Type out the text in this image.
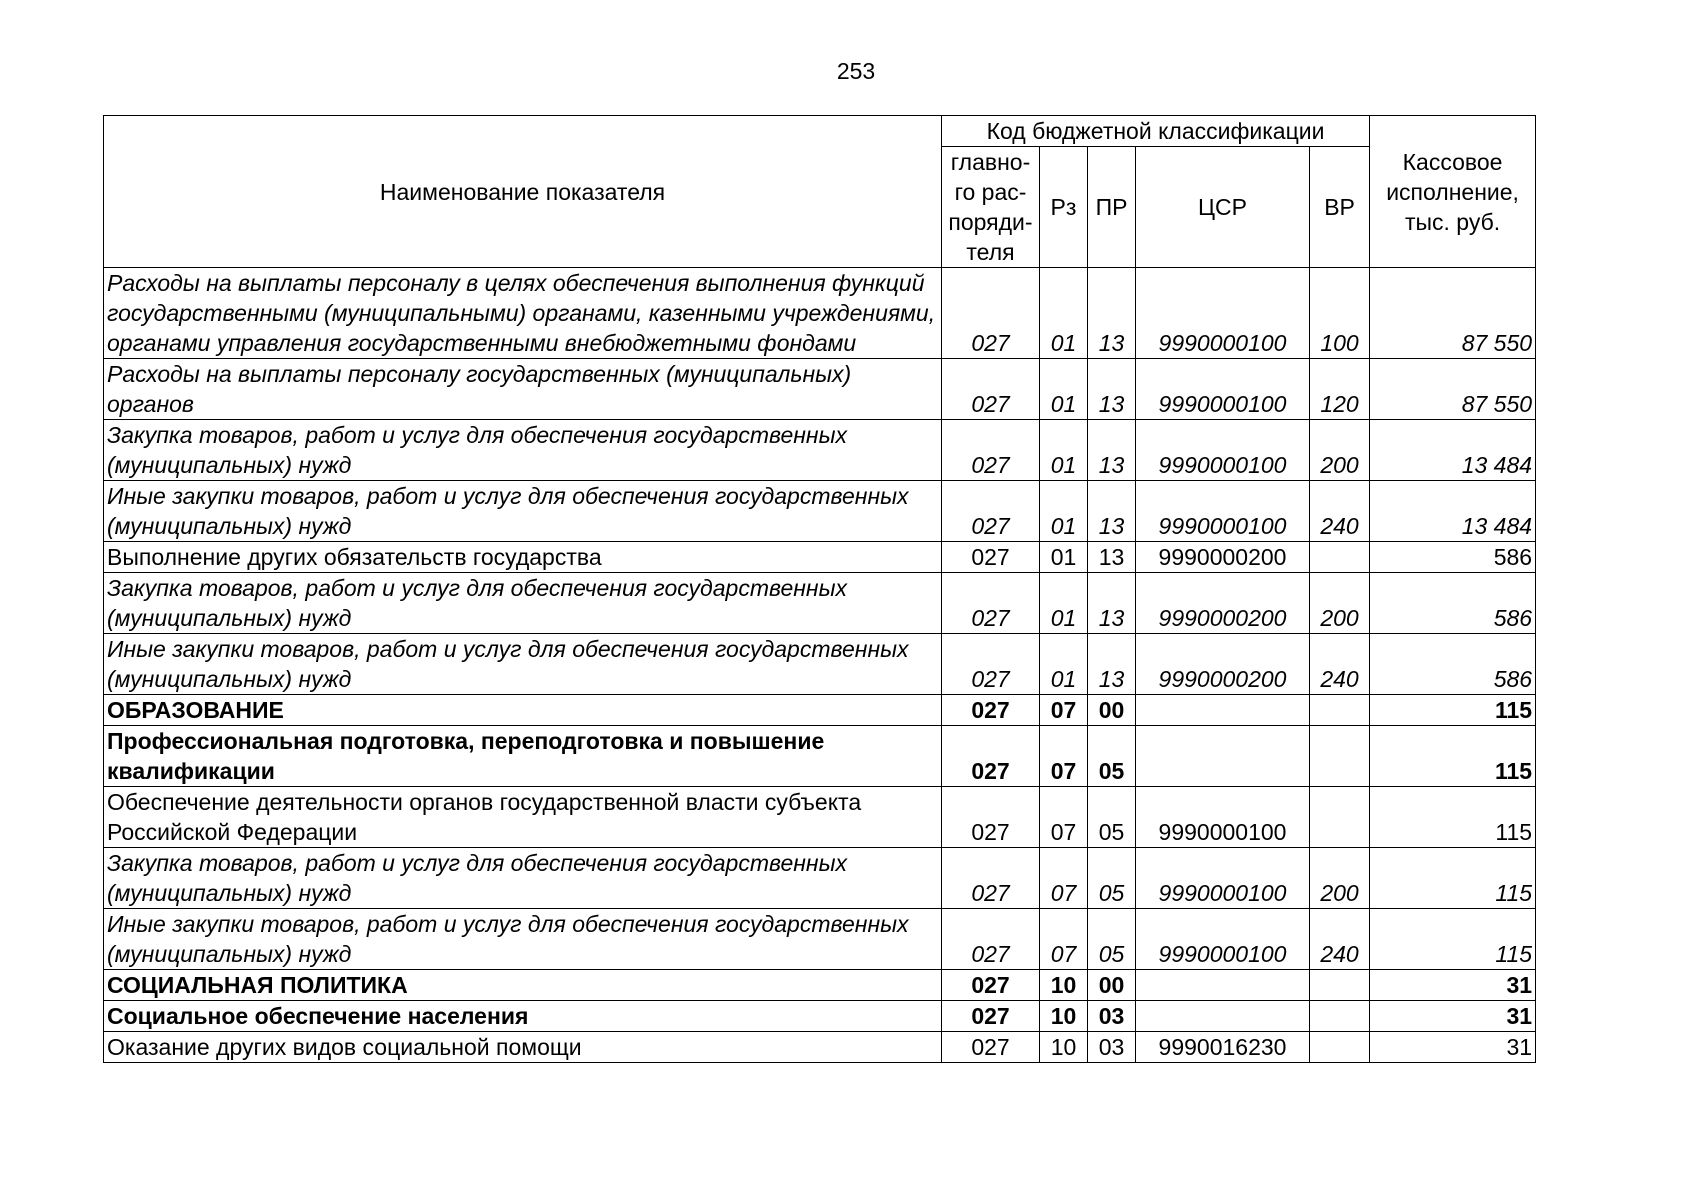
253
Наименование показателя	Код бюджетной классификации					Кассовое исполнение, тыс. руб.
	главно-го рас-поряди-теля	Рз	ПР	ЦСР	ВР	
Расходы на выплаты персоналу в целях обеспечения выполнения функций государственными (муниципальными) органами, казенными учреждениями, органами управления государственными внебюджетными фондами	027	01	13	9990000100	100	87 550
Расходы на выплаты персоналу государственных (муниципальных) органов	027	01	13	9990000100	120	87 550
Закупка товаров, работ и услуг для обеспечения государственных (муниципальных) нужд	027	01	13	9990000100	200	13 484
Иные закупки товаров, работ и услуг для обеспечения государственных (муниципальных) нужд	027	01	13	9990000100	240	13 484
Выполнение других обязательств государства	027	01	13	9990000200		586
Закупка товаров, работ и услуг для обеспечения государственных (муниципальных) нужд	027	01	13	9990000200	200	586
Иные закупки товаров, работ и услуг для обеспечения государственных (муниципальных) нужд	027	01	13	9990000200	240	586
ОБРАЗОВАНИЕ	027	07	00			115
Профессиональная подготовка, переподготовка и повышение квалификации	027	07	05			115
Обеспечение деятельности органов государственной власти субъекта Российской Федерации	027	07	05	9990000100		115
Закупка товаров, работ и услуг для обеспечения государственных (муниципальных) нужд	027	07	05	9990000100	200	115
Иные закупки товаров, работ и услуг для обеспечения государственных (муниципальных) нужд	027	07	05	9990000100	240	115
СОЦИАЛЬНАЯ ПОЛИТИКА	027	10	00			31
Социальное обеспечение населения	027	10	03			31
Оказание других видов социальной помощи	027	10	03	9990016230		31
